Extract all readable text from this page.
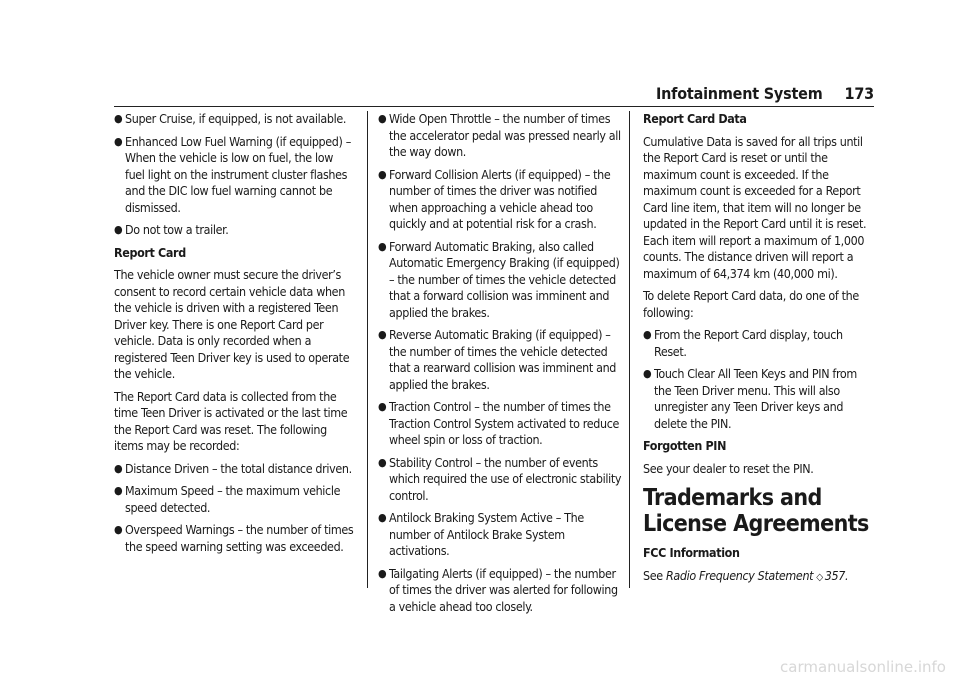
Infotainment System 173
● Super Cruise, if equipped, is not available.
● Enhanced Low Fuel Warning (if equipped) – When the vehicle is low on fuel, the low fuel light on the instrument cluster flashes and the DIC low fuel warning cannot be dismissed.
● Do not tow a trailer.

Report Card

The vehicle owner must secure the driver’s consent to record certain vehicle data when the vehicle is driven with a registered Teen Driver key. There is one Report Card per vehicle. Data is only recorded when a registered Teen Driver key is used to operate the vehicle.

The Report Card data is collected from the time Teen Driver is activated or the last time the Report Card was reset. The following items may be recorded:

● Distance Driven – the total distance driven.
● Maximum Speed – the maximum vehicle speed detected.
● Overspeed Warnings – the number of times the speed warning setting was exceeded.
● Wide Open Throttle – the number of times the accelerator pedal was pressed nearly all the way down.
● Forward Collision Alerts (if equipped) – the number of times the driver was notified when approaching a vehicle ahead too quickly and at potential risk for a crash.
● Forward Automatic Braking, also called Automatic Emergency Braking (if equipped) – the number of times the vehicle detected that a forward collision was imminent and applied the brakes.
● Reverse Automatic Braking (if equipped) – the number of times the vehicle detected that a rearward collision was imminent and applied the brakes.
● Traction Control – the number of times the Traction Control System activated to reduce wheel spin or loss of traction.
● Stability Control – the number of events which required the use of electronic stability control.
● Antilock Braking System Active – The number of Antilock Brake System activations.
● Tailgating Alerts (if equipped) – the number of times the driver was alerted for following a vehicle ahead too closely.

Report Card Data

Cumulative Data is saved for all trips until the Report Card is reset or until the maximum count is exceeded. If the maximum count is exceeded for a Report Card line item, that item will no longer be updated in the Report Card until it is reset. Each item will report a maximum of 1,000 counts. The distance driven will report a maximum of 64,374 km (40,000 mi).

To delete Report Card data, do one of the following:

● From the Report Card display, touch Reset.
● Touch Clear All Teen Keys and PIN from the Teen Driver menu. This will also unregister any Teen Driver keys and delete the PIN.

Forgotten PIN

See your dealer to reset the PIN.

Trademarks and License Agreements

FCC Information

See Radio Frequency Statement ◇ 357.

carmanualsonline.info
